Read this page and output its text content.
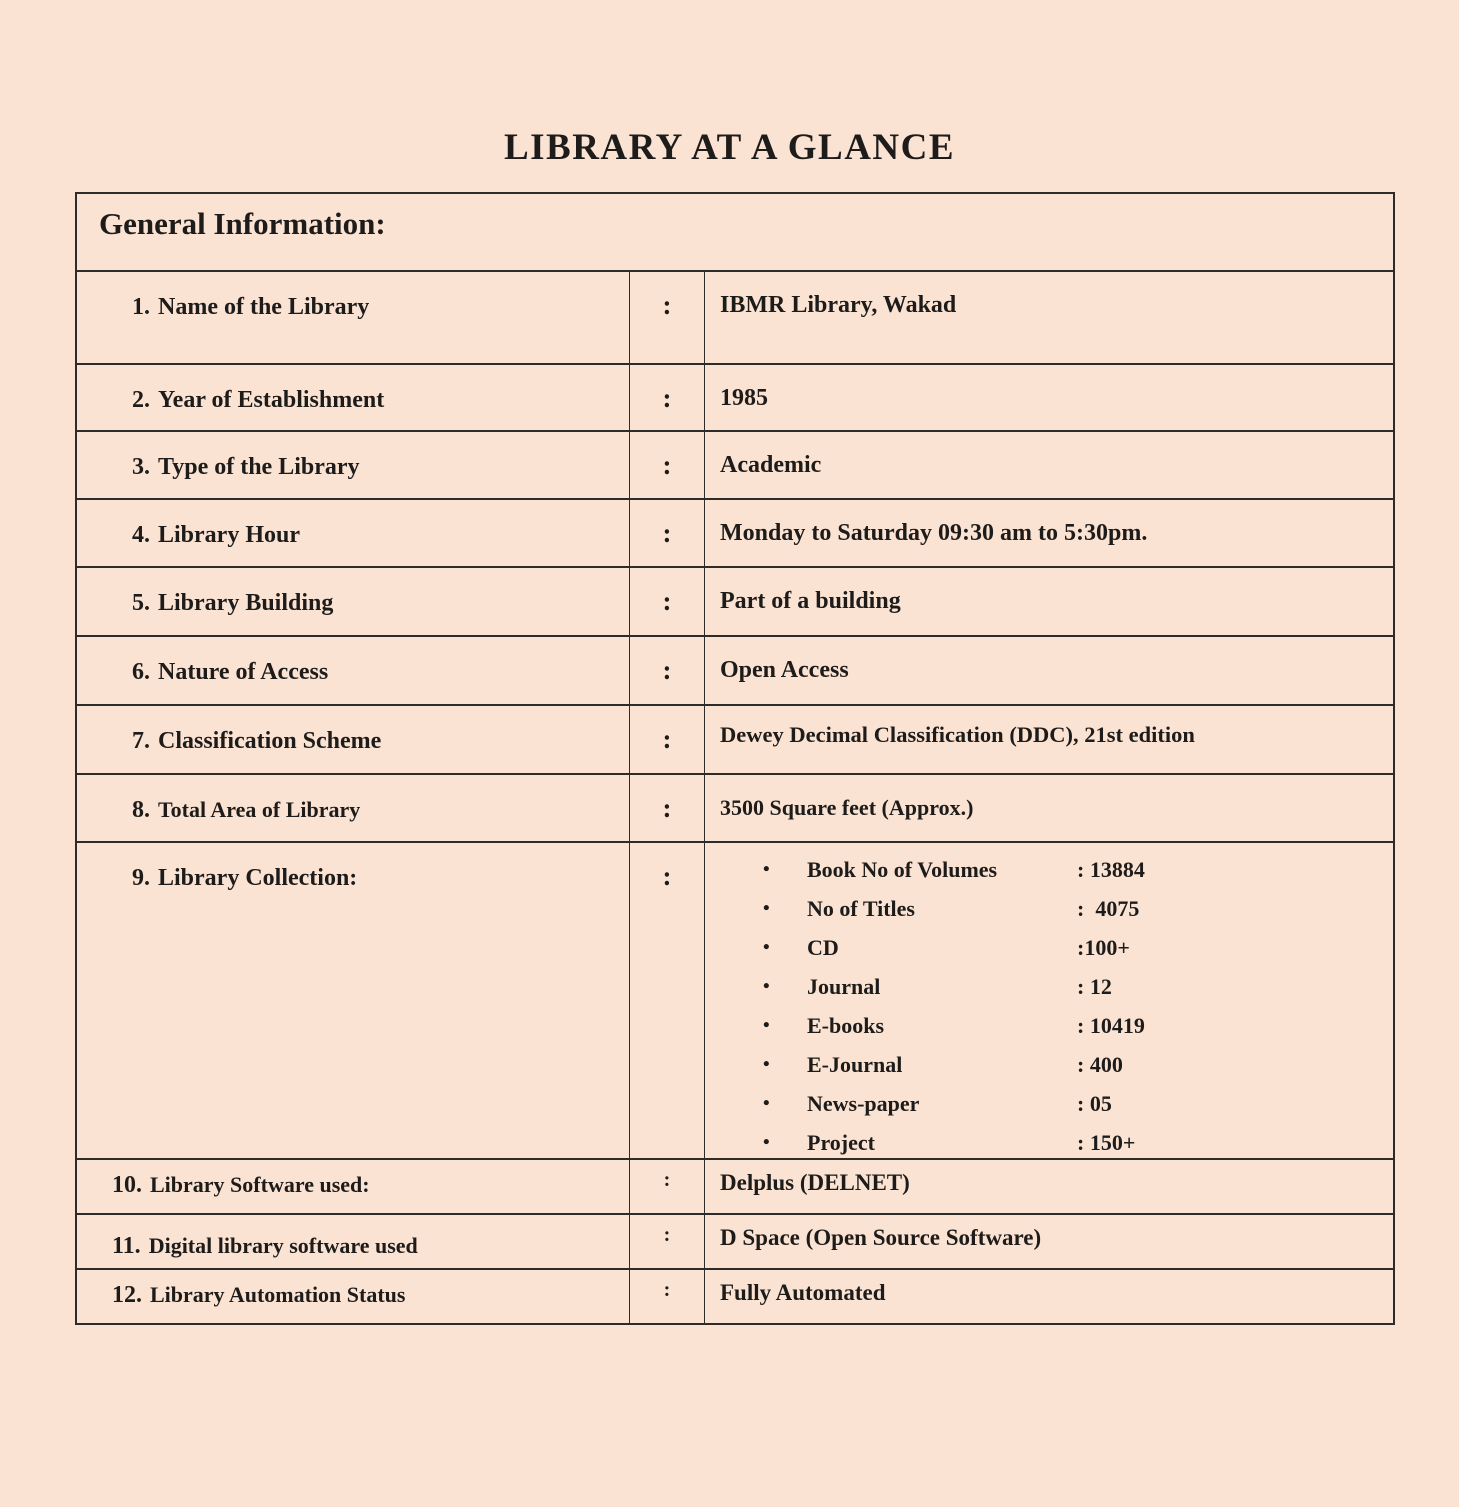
LIBRARY AT A GLANCE
General Information:
1. Name of the Library	:	IBMR Library, Wakad
2. Year of Establishment	:	1985
3. Type of the Library	:	Academic
4. Library Hour	:	Monday to Saturday 09:30 am to 5:30pm.
5. Library Building	:	Part of a building
6. Nature of Access	:	Open Access
7. Classification Scheme	:	Dewey Decimal Classification (DDC), 21st edition
8. Total Area of Library	:	3500 Square feet (Approx.)
9. Library Collection:	:	•	Book No of Volumes	: 13884
•	No of Titles	:  4075
•	CD	:100+
•	Journal	: 12
•	E-books	: 10419
•	E-Journal	: 400
•	News-paper	: 05
•	Project	: 150+
10. Library Software used:	:	Delplus (DELNET)
11. Digital library software used	:	D Space (Open Source Software)
12. Library Automation Status	:	Fully Automated
